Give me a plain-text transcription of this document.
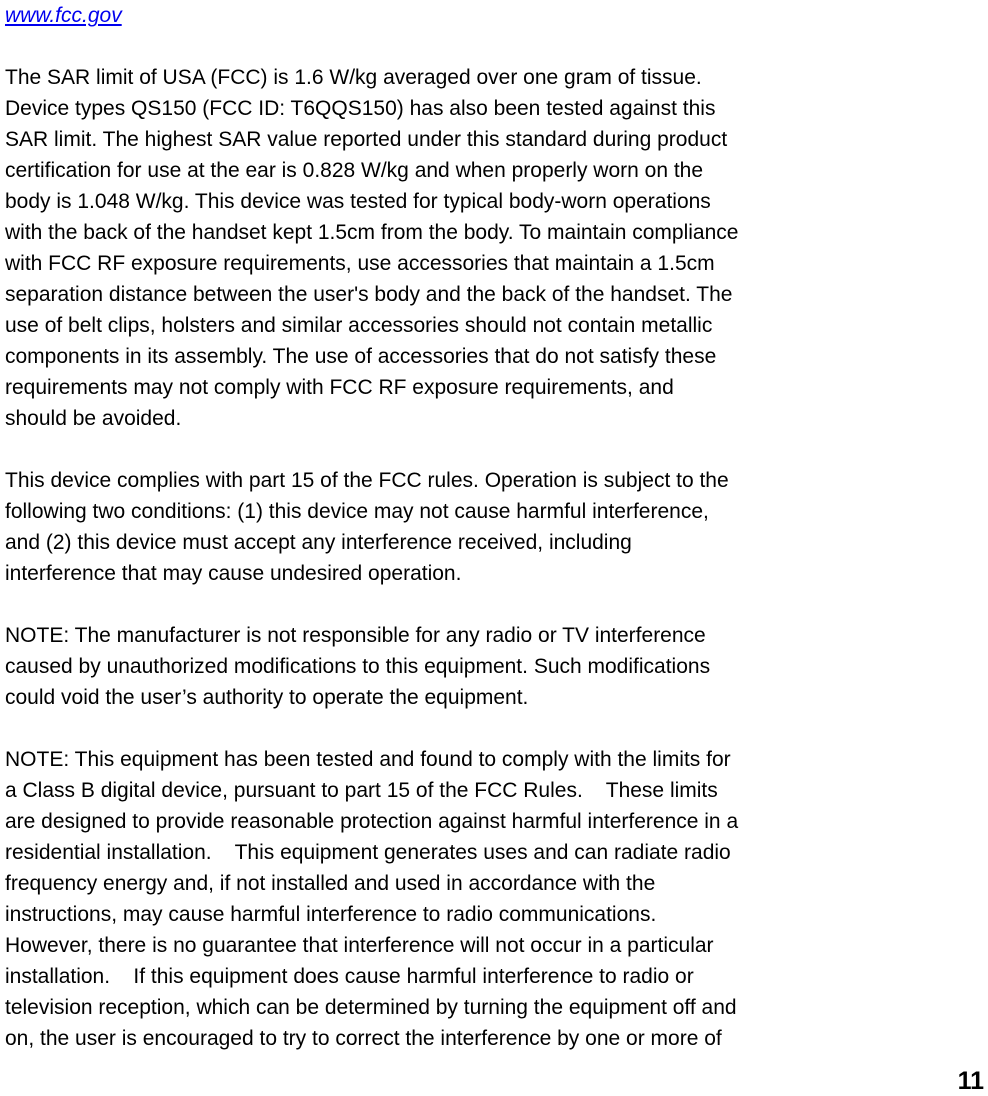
www.fcc.gov
The SAR limit of USA (FCC) is 1.6 W/kg averaged over one gram of tissue.
Device types QS150 (FCC ID: T6QQS150) has also been tested against this
SAR limit. The highest SAR value reported under this standard during product
certification for use at the ear is 0.828 W/kg and when properly worn on the
body is 1.048 W/kg. This device was tested for typical body-worn operations
with the back of the handset kept 1.5cm from the body. To maintain compliance
with FCC RF exposure requirements, use accessories that maintain a 1.5cm
separation distance between the user's body and the back of the handset. The
use of belt clips, holsters and similar accessories should not contain metallic
components in its assembly. The use of accessories that do not satisfy these
requirements may not comply with FCC RF exposure requirements, and
should be avoided.
This device complies with part 15 of the FCC rules. Operation is subject to the
following two conditions: (1) this device may not cause harmful interference,
and (2) this device must accept any interference received, including
interference that may cause undesired operation.
NOTE: The manufacturer is not responsible for any radio or TV interference
caused by unauthorized modifications to this equipment. Such modifications
could void the user’s authority to operate the equipment.
NOTE: This equipment has been tested and found to comply with the limits for
a Class B digital device, pursuant to part 15 of the FCC Rules.    These limits
are designed to provide reasonable protection against harmful interference in a
residential installation.    This equipment generates uses and can radiate radio
frequency energy and, if not installed and used in accordance with the
instructions, may cause harmful interference to radio communications.
However, there is no guarantee that interference will not occur in a particular
installation.    If this equipment does cause harmful interference to radio or
television reception, which can be determined by turning the equipment off and
on, the user is encouraged to try to correct the interference by one or more of
11
